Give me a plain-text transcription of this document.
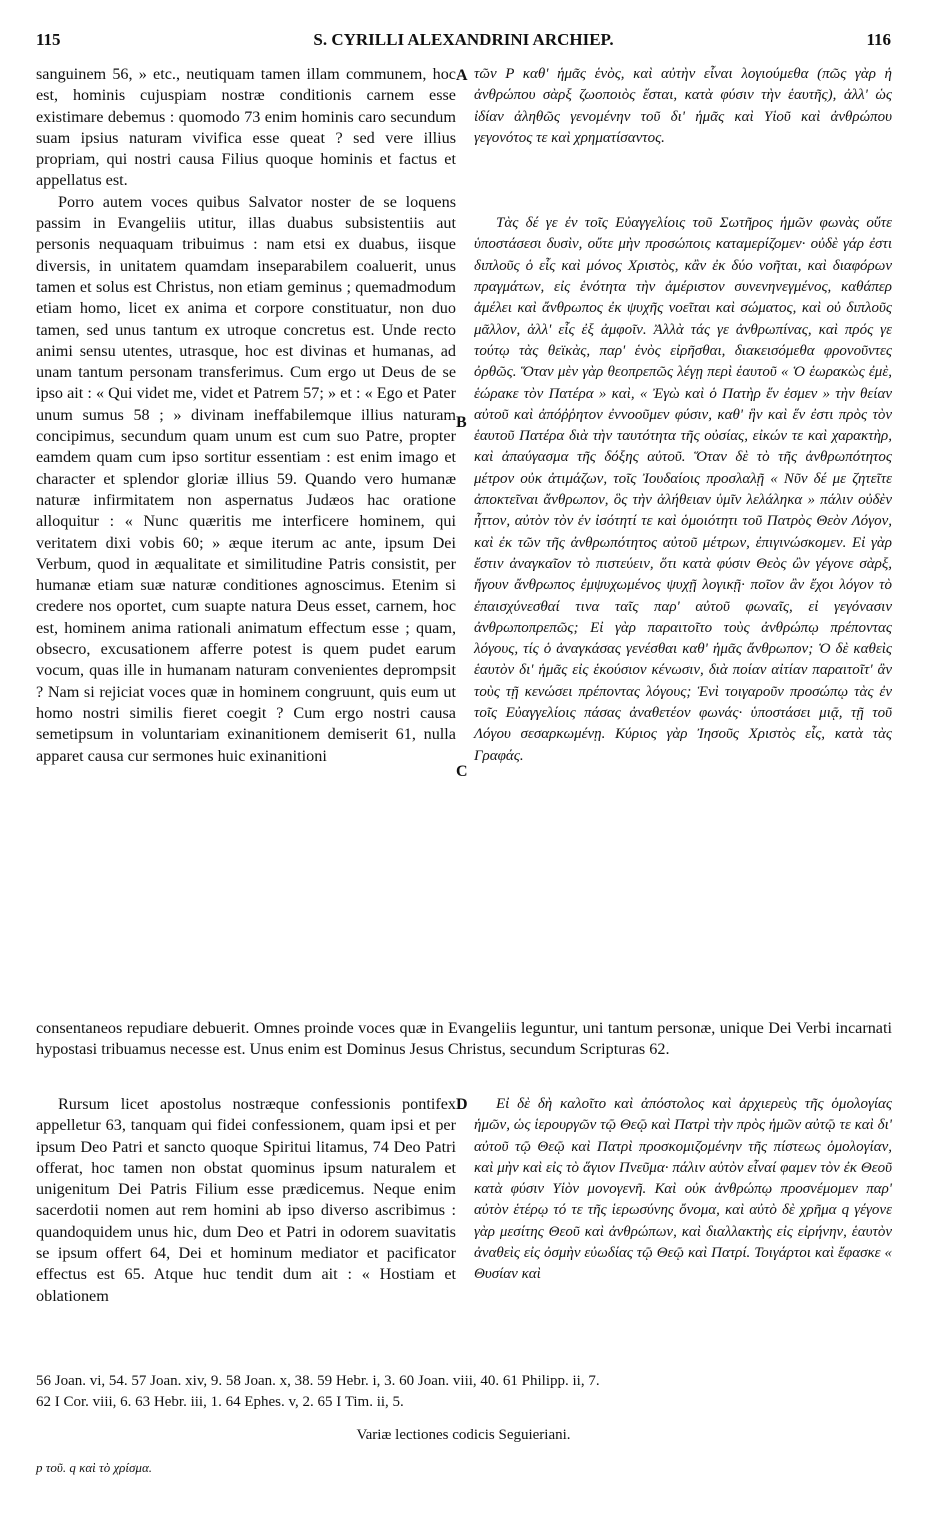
115	S. CYRILLI ALEXANDRINI ARCHIEP.	116

sanguinem 56, » etc., neutiquam tamen illam communem, hoc est, hominis cujuspiam nostræ conditionis carnem esse existimare debemus : quomodo 73 enim hominis caro secundum suam ipsius naturam vivifica esse queat ? sed vere illius propriam, qui nostri causa Filius quoque hominis et factus et appellatus est.

Porro autem voces quibus Salvator noster de se loquens passim in Evangeliis utitur, illas duabus subsistentiis aut personis nequaquam tribuimus : nam etsi ex duabus, iisque diversis, in unitatem quamdam inseparabilem coaluerit, unus tamen et solus est Christus, non etiam geminus ; quemadmodum etiam homo, licet ex anima et corpore constituatur, non duo tamen, sed unus tantum ex utroque concretus est. Unde recto animi sensu utentes, utrasque, hoc est divinas et humanas, ad unam tantum personam transferimus. Cum ergo ut Deus de se ipso ait : « Qui videt me, videt et Patrem 57; » et : « Ego et Pater unum sumus 58 ; » divinam ineffabilemque illius naturam concipimus, secundum quam unum est cum suo Patre, propter eamdem quam cum ipso sortitur essentiam : est enim imago et character et splendor gloriæ illius 59. Quando vero humanæ naturæ infirmitatem non aspernatus Judæos hac oratione alloquitur : « Nunc quæritis me interficere hominem, qui veritatem dixi vobis 60; » æque iterum ac ante, ipsum Dei Verbum, quod in æqualitate et similitudine Patris consistit, per humanæ etiam suæ naturæ conditiones agnoscimus. Etenim si credere nos oportet, cum suapte natura Deus esset, carnem, hoc est, hominem anima rationali animatum effectum esse ; quam, obsecro, excusationem afferre potest is quem pudet earum vocum, quas ille in humanam naturam convenientes deprompsit ? Nam si rejiciat voces quæ in hominem congruunt, quis eum ut homo nostri similis fieret coegit ? Cum ergo nostri causa semetipsum in voluntariam exinanitionem demiserit 61, nulla apparet causa cur sermones huic exinanitioni

τῶν P καθ' ἡμᾶς ἑνὸς, καὶ αὐτὴν εἶναι λογιούμεθα (πῶς γὰρ ἡ ἀνθρώπου σὰρξ ζωοποιὸς ἔσται, κατὰ φύσιν τὴν ἑαυτῆς), ἀλλ' ὡς ἰδίαν ἀληθῶς γενομένην τοῦ δι' ἡμᾶς καὶ Υἱοῦ καὶ ἀνθρώπου γεγονότος τε καὶ χρηματίσαντος.

Τὰς δέ γε ἐν τοῖς Εὐαγγελίοις τοῦ Σωτῆρος ἡμῶν φωνὰς οὔτε ὑποστάσεσι δυσὶν, οὔτε μὴν προσώποις καταμερίζομεν· οὐδὲ γάρ ἐστι διπλοῦς ὁ εἷς καὶ μόνος Χριστὸς, κἂν ἐκ δύο νοῆται, καὶ διαφόρων πραγμάτων, εἰς ἑνότητα τὴν ἀμέριστον συνενηνεγμένος, καθάπερ ἀμέλει καὶ ἄνθρωπος ἐκ ψυχῆς νοεῖται καὶ σώματος, καὶ οὐ διπλοῦς μᾶλλον, ἀλλ' εἷς ἐξ ἀμφοῖν. Ἀλλὰ τάς γε ἀνθρωπίνας, καὶ πρός γε τούτῳ τὰς θεϊκὰς, παρ' ἑνὸς εἰρῆσθαι, διακεισόμεθα φρονοῦντες ὀρθῶς. Ὅταν μὲν γὰρ θεοπρεπῶς λέγῃ περὶ ἑαυτοῦ « Ὁ ἑωρακὼς ἐμὲ, ἑώρακε τὸν Πατέρα » καὶ, « Ἐγὼ καὶ ὁ Πατὴρ ἕν ἐσμεν » τὴν θείαν αὐτοῦ καὶ ἀπόῤῥητον ἐννοοῦμεν φύσιν, καθ' ἣν καὶ ἕν ἐστι πρὸς τὸν ἑαυτοῦ Πατέρα διὰ τὴν ταυτότητα τῆς οὐσίας, εἰκών τε καὶ χαρακτὴρ, καὶ ἀπαύγασμα τῆς δόξης αὐτοῦ. Ὅταν δὲ τὸ τῆς ἀνθρωπότητος μέτρον οὐκ ἀτιμάζων, τοῖς Ἰουδαίοις προσλαλῇ « Νῦν δέ με ζητεῖτε ἀποκτεῖναι ἄνθρωπον, ὃς τὴν ἀλήθειαν ὑμῖν λελάληκα » πάλιν οὐδὲν ἧττον, αὐτὸν τὸν ἐν ἰσότητί τε καὶ ὁμοιότητι τοῦ Πατρὸς Θεὸν Λόγον, καὶ ἐκ τῶν τῆς ἀνθρωπότητος αὐτοῦ μέτρων, ἐπιγινώσκομεν. Εἰ γὰρ ἔστιν ἀναγκαῖον τὸ πιστεύειν, ὅτι κατὰ φύσιν Θεὸς ὢν γέγονε σὰρξ, ἤγουν ἄνθρωπος ἐμψυχωμένος ψυχῇ λογικῇ· ποῖον ἂν ἔχοι λόγον τὸ ἐπαισχύνεσθαί τινα ταῖς παρ' αὐτοῦ φωναῖς, εἰ γεγόνασιν ἀνθρωποπρεπῶς; Εἰ γὰρ παραιτοῖτο τοὺς ἀνθρώπῳ πρέποντας λόγους, τίς ὁ ἀναγκάσας γενέσθαι καθ' ἡμᾶς ἄνθρωπον; Ὁ δὲ καθεὶς ἑαυτὸν δι' ἡμᾶς εἰς ἑκούσιον κένωσιν, διὰ ποίαν αἰτίαν παραιτοῖτ' ἂν τοὺς τῇ κενώσει πρέποντας λόγους; Ἑνὶ τοιγαροῦν προσώπῳ τὰς ἐν τοῖς Εὐαγγελίοις πάσας ἀναθετέον φωνάς· ὑποστάσει μιᾷ, τῇ τοῦ Λόγου σεσαρκωμένῃ. Κύριος γὰρ Ἰησοῦς Χριστὸς εἷς, κατὰ τὰς Γραφάς.

A
B
C
D

consentaneos repudiare debuerit. Omnes proinde voces quæ in Evangeliis leguntur, uni tantum personæ, unique Dei Verbi incarnati hypostasi tribuamus necesse est. Unus enim est Dominus Jesus Christus, secundum Scripturas 62.

Rursum licet apostolus nostræque confessionis pontifex appelletur 63, tanquam qui fidei confessionem, quam ipsi et per ipsum Deo Patri et sancto quoque Spiritui litamus, 74 Deo Patri offerat, hoc tamen non obstat quominus ipsum naturalem et unigenitum Dei Patris Filium esse prædicemus. Neque enim sacerdotii nomen aut rem homini ab ipso diverso ascribimus : quandoquidem unus hic, dum Deo et Patri in odorem suavitatis se ipsum offert 64, Dei et hominum mediator et pacificator effectus est 65. Atque huc tendit dum ait : « Hostiam et oblationem

Εἰ δὲ δὴ καλοῖτο καὶ ἀπόστολος καὶ ἀρχιερεὺς τῆς ὁμολογίας ἡμῶν, ὡς ἱερουργῶν τῷ Θεῷ καὶ Πατρὶ τὴν πρὸς ἡμῶν αὐτῷ τε καὶ δι' αὐτοῦ τῷ Θεῷ καὶ Πατρὶ προσκομιζομένην τῆς πίστεως ὁμολογίαν, καὶ μὴν καὶ εἰς τὸ ἅγιον Πνεῦμα· πάλιν αὐτὸν εἶναί φαμεν τὸν ἐκ Θεοῦ κατὰ φύσιν Υἱὸν μονογενῆ. Καὶ οὐκ ἀνθρώπῳ προσνέμομεν παρ' αὐτὸν ἑτέρῳ τό τε τῆς ἱερωσύνης ὄνομα, καὶ αὐτὸ δὲ χρῆμα q γέγονε γὰρ μεσίτης Θεοῦ καὶ ἀνθρώπων, καὶ διαλλακτὴς εἰς εἰρήνην, ἑαυτὸν ἀναθεὶς εἰς ὀσμὴν εὐωδίας τῷ Θεῷ καὶ Πατρί. Τοιγάρτοι καὶ ἔφασκε « Θυσίαν καὶ

56 Joan. vi, 54. 57 Joan. xiv, 9. 58 Joan. x, 38. 59 Hebr. i, 3. 60 Joan. viii, 40. 61 Philipp. ii, 7.
62 I Cor. viii, 6. 63 Hebr. iii, 1. 64 Ephes. v, 2. 65 I Tim. ii, 5.
Variæ lectiones codicis Seguieriani.
p τοῦ. q καὶ τὸ χρίσμα.
